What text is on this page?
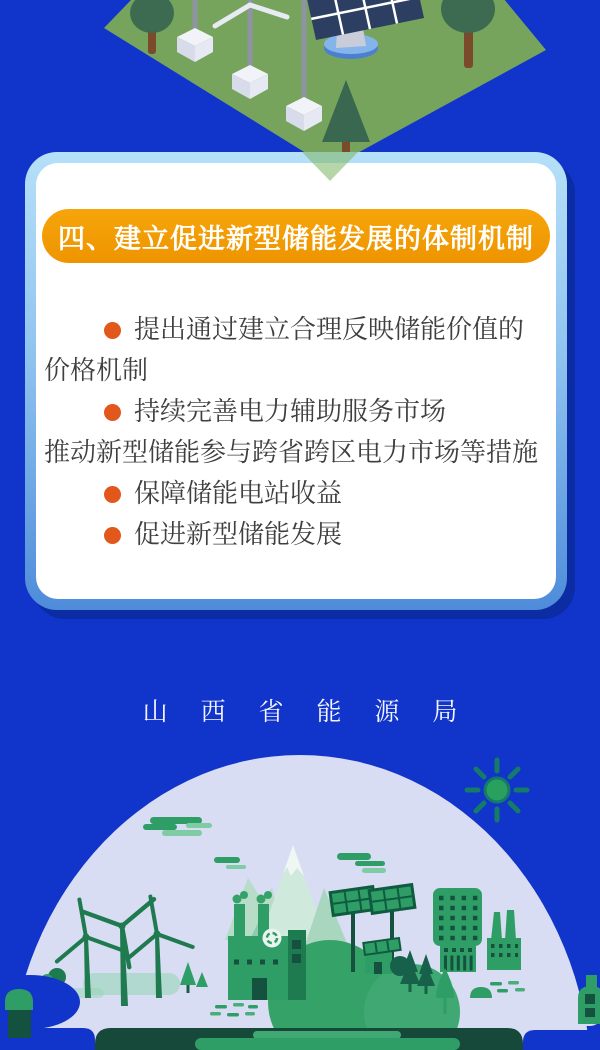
四、建立促进新型储能发展的体制机制
提出通过建立合理反映储能价值的
价格机制
持续完善电力辅助服务市场
推动新型储能参与跨省跨区电力市场等措施
保障储能电站收益
促进新型储能发展
山 西 省 能 源 局
